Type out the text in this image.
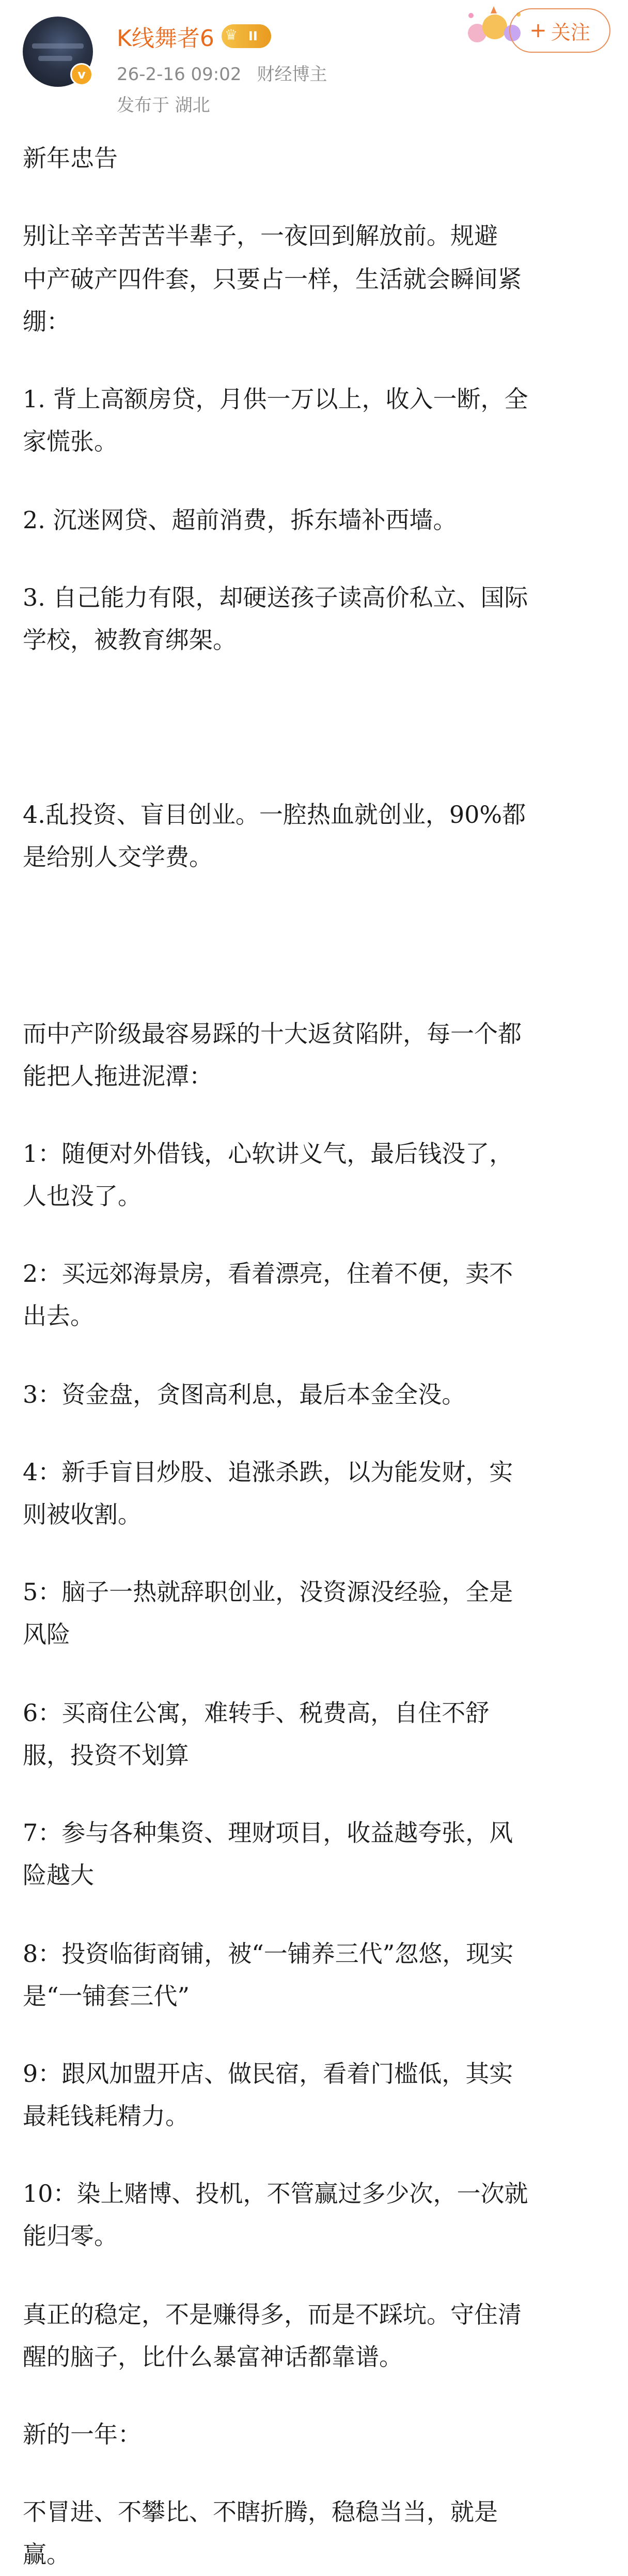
v
K线舞者6 ♛ II
26-2-16 09:02 财经博主
发布于 湖北
+ 关注
新年忠告
别让辛辛苦苦半辈子，一夜回到解放前。规避
中产破产四件套，只要占一样，生活就会瞬间紧
绷：
1. 背上高额房贷，月供一万以上，收入一断，全
家慌张。
2. 沉迷网贷、超前消费，拆东墙补西墙。
3. 自己能力有限，却硬送孩子读高价私立、国际
学校，被教育绑架。
4.乱投资、盲目创业。一腔热血就创业，90%都
是给别人交学费。
而中产阶级最容易踩的十大返贫陷阱，每一个都
能把人拖进泥潭：
1：随便对外借钱，心软讲义气，最后钱没了，
人也没了。
2：买远郊海景房，看着漂亮，住着不便，卖不
出去。
3：资金盘，贪图高利息，最后本金全没。
4：新手盲目炒股、追涨杀跌，以为能发财，实
则被收割。
5：脑子一热就辞职创业，没资源没经验，全是
风险
6：买商住公寓，难转手、税费高，自住不舒
服，投资不划算
7：参与各种集资、理财项目，收益越夸张，风
险越大
8：投资临街商铺，被“一铺养三代”忽悠，现实
是“一铺套三代”
9：跟风加盟开店、做民宿，看着门槛低，其实
最耗钱耗精力。
10：染上赌博、投机，不管赢过多少次，一次就
能归零。
真正的稳定，不是赚得多，而是不踩坑。守住清
醒的脑子，比什么暴富神话都靠谱。
新的一年：
不冒进、不攀比、不瞎折腾，稳稳当当，就是
赢。
